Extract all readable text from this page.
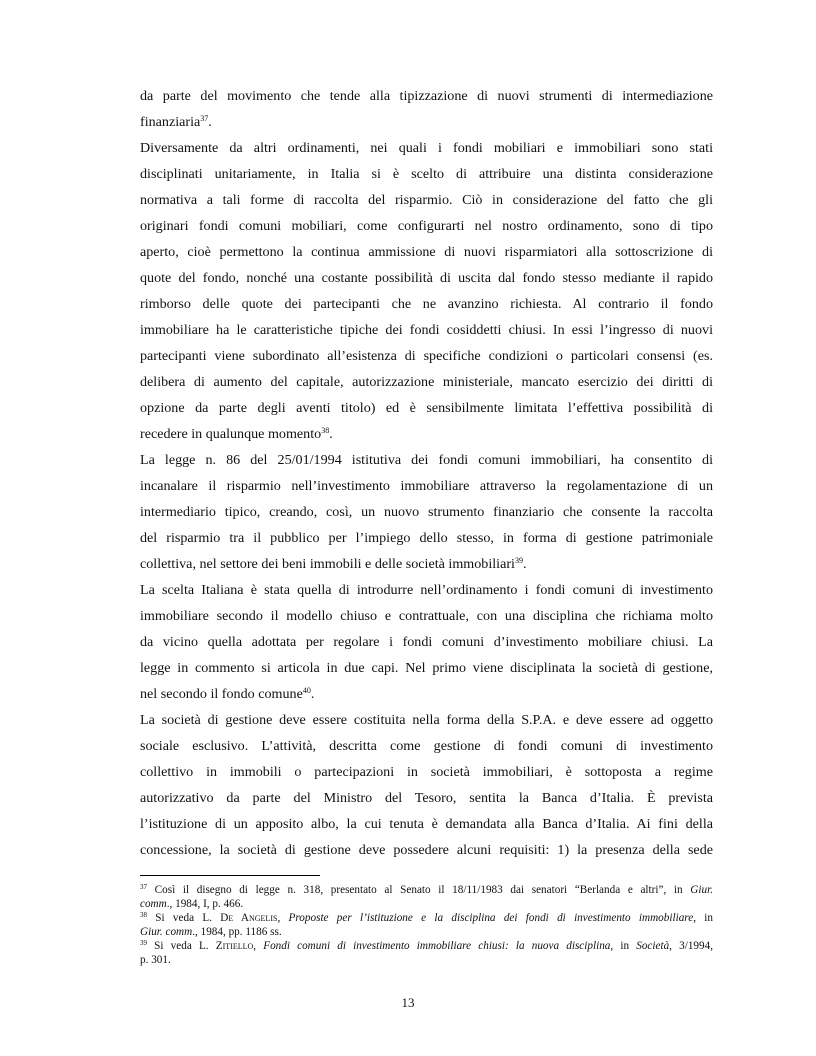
da parte del movimento che tende alla tipizzazione di nuovi strumenti di intermediazione
finanziaria$^{37}$.
Diversamente da altri ordinamenti, nei quali i fondi mobiliari e immobiliari sono stati
disciplinati unitariamente, in Italia si è scelto di attribuire una distinta considerazione
normativa a tali forme di raccolta del risparmio. Ciò in considerazione del fatto che gli
originari fondi comuni mobiliari, come configurarti nel nostro ordinamento, sono di tipo
aperto, cioè permettono la continua ammissione di nuovi risparmiatori alla sottoscrizione di
quote del fondo, nonché una costante possibilità di uscita dal fondo stesso mediante il rapido
rimborso delle quote dei partecipanti che ne avanzino richiesta. Al contrario il fondo
immobiliare ha le caratteristiche tipiche dei fondi cosiddetti chiusi. In essi l’ingresso di nuovi
partecipanti viene subordinato all’esistenza di specifiche condizioni o particolari consensi (es.
delibera di aumento del capitale, autorizzazione ministeriale, mancato esercizio dei diritti di
opzione da parte degli aventi titolo) ed è sensibilmente limitata l’effettiva possibilità di
recedere in qualunque momento$^{38}$.
La legge n. 86 del 25/01/1994 istitutiva dei fondi comuni immobiliari, ha consentito di
incanalare il risparmio nell’investimento immobiliare attraverso la regolamentazione di un
intermediario tipico, creando, così, un nuovo strumento finanziario che consente la raccolta
del risparmio tra il pubblico per l’impiego dello stesso, in forma di gestione patrimoniale
collettiva, nel settore dei beni immobili e delle società immobiliari$^{39}$.
La scelta Italiana è stata quella di introdurre nell’ordinamento i fondi comuni di investimento
immobiliare secondo il modello chiuso e contrattuale, con una disciplina che richiama molto
da vicino quella adottata per regolare i fondi comuni d’investimento mobiliare chiusi. La
legge in commento si articola in due capi. Nel primo viene disciplinata la società di gestione,
nel secondo il fondo comune$^{40}$.
La società di gestione deve essere costituita nella forma della S.P.A. e deve essere ad oggetto
sociale esclusivo. L’attività, descritta come gestione di fondi comuni di investimento
collettivo in immobili o partecipazioni in società immobiliari, è sottoposta a regime
autorizzativo da parte del Ministro del Tesoro, sentita la Banca d’Italia. È prevista
l’istituzione di un apposito albo, la cui tenuta è demandata alla Banca d’Italia. Ai fini della
concessione, la società di gestione deve possedere alcuni requisiti: 1) la presenza della sede
$^{37}$ Così il disegno di legge n. 318, presentato al Senato il 18/11/1983 dai senatori “Berlanda e altri”, in Giur.
comm., 1984, I, p. 466.
$^{38}$ Si veda L. De Angelis, Proposte per l’istituzione e la disciplina dei fondi di investimento immobiliare, in
Giur. comm., 1984, pp. 1186 ss.
$^{39}$ Si veda L. Zitiello, Fondi comuni di investimento immobiliare chiusi: la nuova disciplina, in Società, 3/1994,
p. 301.
13
